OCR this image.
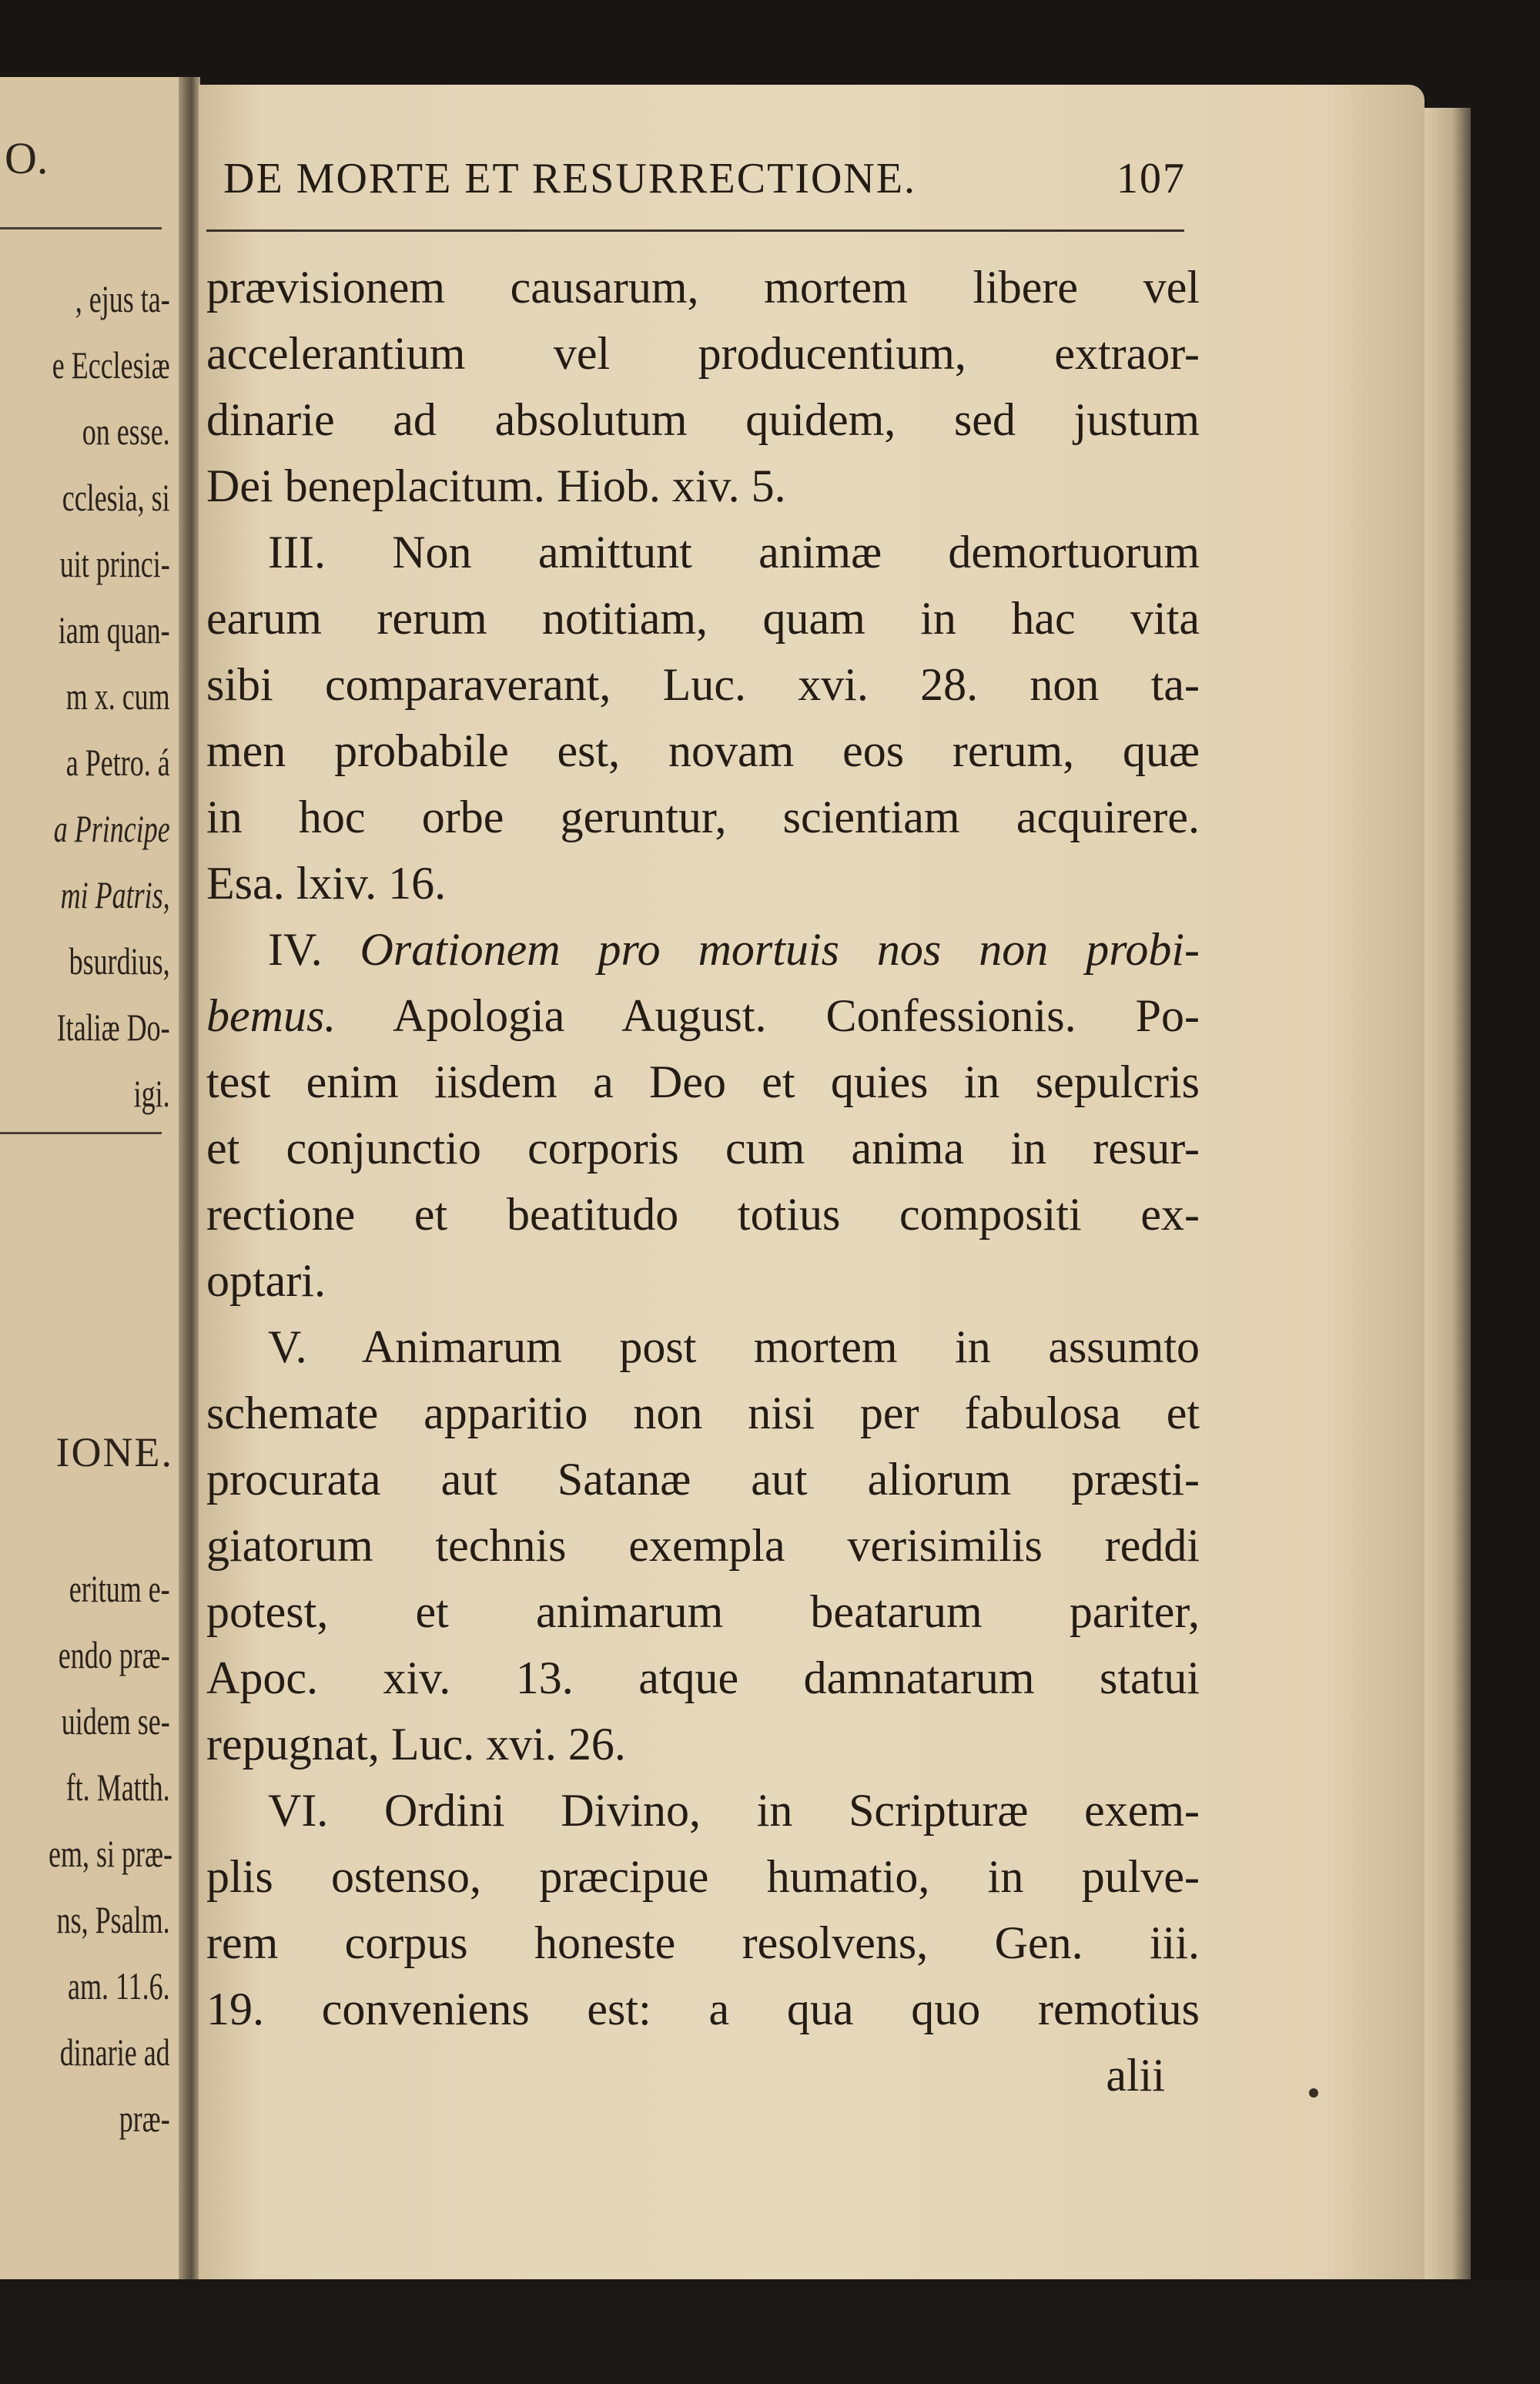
O.
, ejus ta-
e Ecclesiæ
on esse.
cclesia, si
uit princi-
iam quan-
m x. cum
a Petro. á
a Principe
mi Patris,
bsurdius,
Italiæ Do-
igi.
IONE.
eritum e-
endo præ-
uidem se-
ft. Matth.
em, si præ-
ns, Psalm.
am. 11.6.
dinarie ad
præ-
DE MORTE ET RESURRECTIONE.	107
prævisionem causarum, mortem libere vel
accelerantium vel producentium, extraor-
dinarie ad absolutum quidem, sed justum
Dei beneplacitum. Hiob. xiv. 5.
III. Non amittunt animæ demortuorum
earum rerum notitiam, quam in hac vita
sibi comparaverant, Luc. xvi. 28. non ta-
men probabile est, novam eos rerum, quæ
in hoc orbe geruntur, scientiam acquirere.
Esa. lxiv. 16.
IV. Orationem pro mortuis nos non probi-
bemus. Apologia August. Confessionis. Po-
test enim iisdem a Deo et quies in sepulcris
et conjunctio corporis cum anima in resur-
rectione et beatitudo totius compositi ex-
optari.
V. Animarum post mortem in assumto
schemate apparitio non nisi per fabulosa et
procurata aut Satanæ aut aliorum præsti-
giatorum technis exempla verisimilis reddi
potest, et animarum beatarum pariter,
Apoc. xiv. 13. atque damnatarum statui
repugnat, Luc. xvi. 26.
VI. Ordini Divino, in Scripturæ exem-
plis ostenso, præcipue humatio, in pulve-
rem corpus honeste resolvens, Gen. iii.
19. conveniens est: a qua quo remotius
alii
